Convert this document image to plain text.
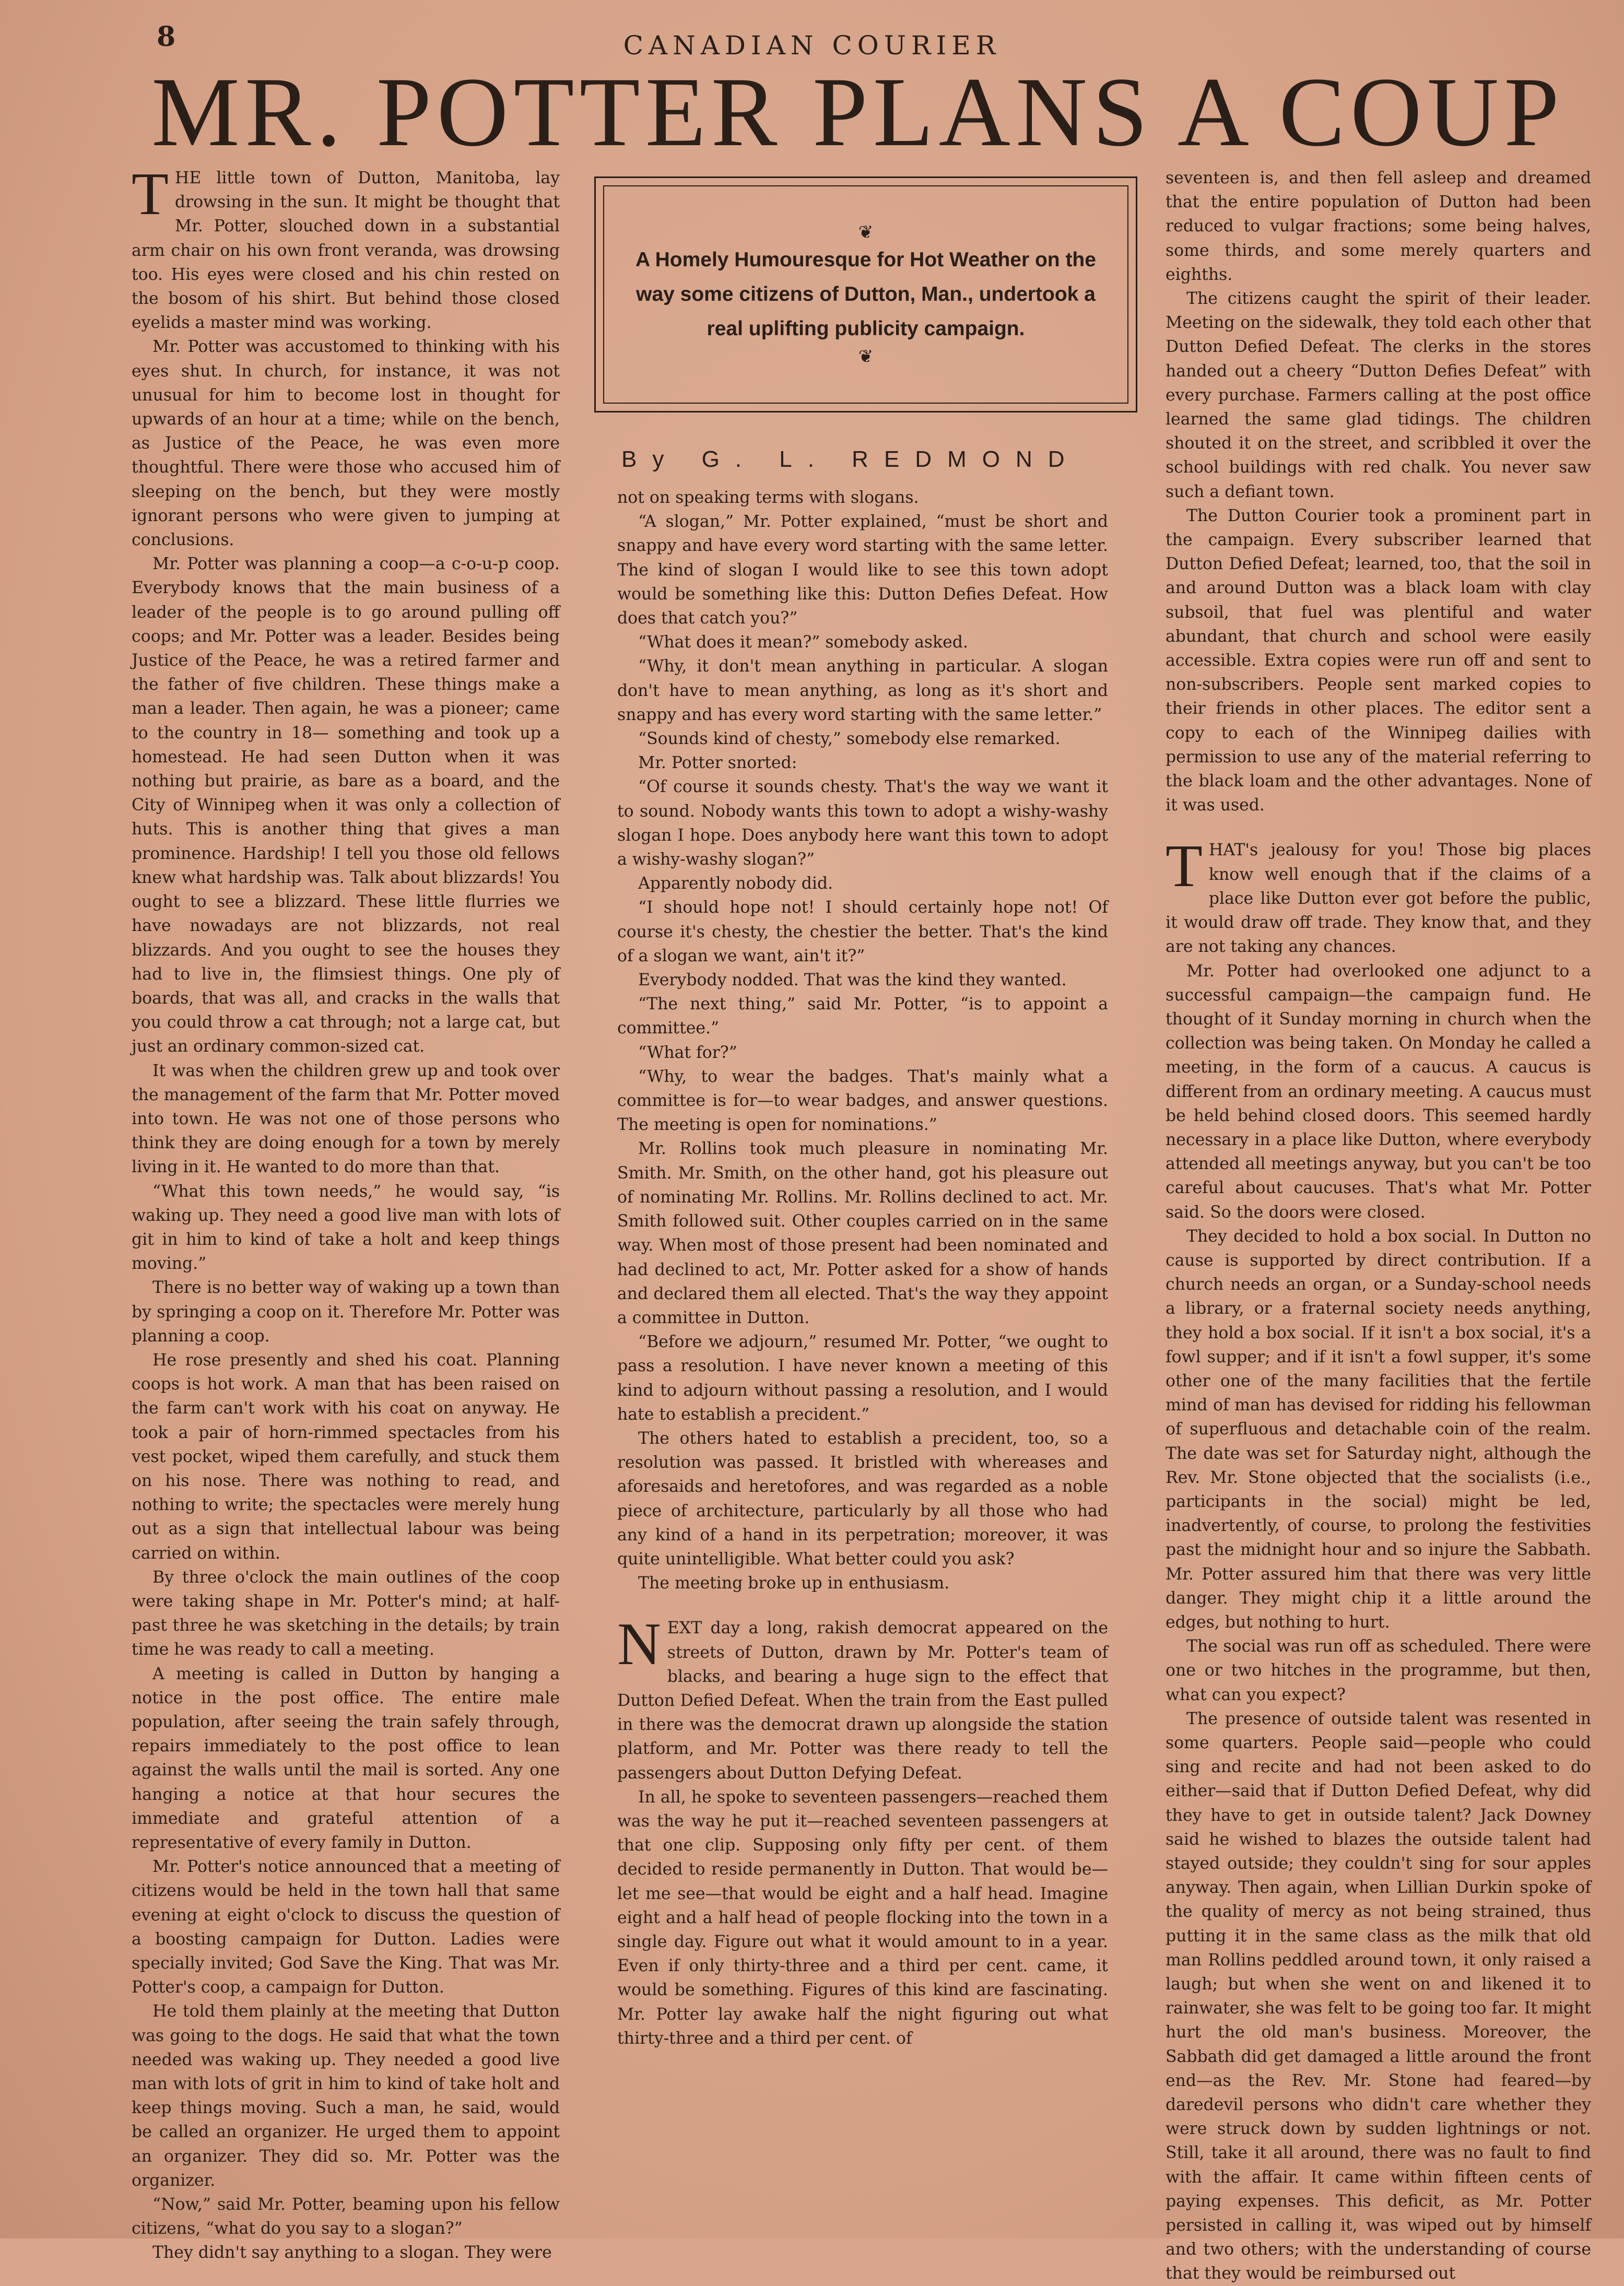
8	CANADIAN COURIER
MR. POTTER PLANS A COUP

THE little town of Dutton, Manitoba, lay drowsing in the sun. It might be thought that Mr. Potter, slouched down in a substantial arm chair on his own front veranda, was drowsing too. His eyes were closed and his chin rested on the bosom of his shirt. But behind those closed eyelids a master mind was working.

Mr. Potter was accustomed to thinking with his eyes shut. In church, for instance, it was not unusual for him to become lost in thought for upwards of an hour at a time; while on the bench, as Justice of the Peace, he was even more thoughtful. There were those who accused him of sleeping on the bench, but they were mostly ignorant persons who were given to jumping at conclusions.

Mr. Potter was planning a coop—a c-o-u-p coop. Everybody knows that the main business of a leader of the people is to go around pulling off coops; and Mr. Potter was a leader. Besides being Justice of the Peace, he was a retired farmer and the father of five children. These things make a man a leader. Then again, he was a pioneer; came to the country in 18— something and took up a homestead. He had seen Dutton when it was nothing but prairie, as bare as a board, and the City of Winnipeg when it was only a collection of huts. This is another thing that gives a man prominence. Hardship! I tell you those old fellows knew what hardship was. Talk about blizzards! You ought to see a blizzard. These little flurries we have nowadays are not blizzards, not real blizzards. And you ought to see the houses they had to live in, the flimsiest things. One ply of boards, that was all, and cracks in the walls that you could throw a cat through; not a large cat, but just an ordinary common-sized cat.

It was when the children grew up and took over the management of the farm that Mr. Potter moved into town. He was not one of those persons who think they are doing enough for a town by merely living in it. He wanted to do more than that.

“What this town needs,” he would say, “is waking up. They need a good live man with lots of git in him to kind of take a holt and keep things moving.”

There is no better way of waking up a town than by springing a coop on it. Therefore Mr. Potter was planning a coop.

He rose presently and shed his coat. Planning coops is hot work. A man that has been raised on the farm can't work with his coat on anyway. He took a pair of horn-rimmed spectacles from his vest pocket, wiped them carefully, and stuck them on his nose. There was nothing to read, and nothing to write; the spectacles were merely hung out as a sign that intellectual labour was being carried on within.

By three o'clock the main outlines of the coop were taking shape in Mr. Potter's mind; at half-past three he was sketching in the details; by train time he was ready to call a meeting.

A meeting is called in Dutton by hanging a notice in the post office. The entire male population, after seeing the train safely through, repairs immediately to the post office to lean against the walls until the mail is sorted. Any one hanging a notice at that hour secures the immediate and grateful attention of a representative of every family in Dutton.

Mr. Potter's notice announced that a meeting of citizens would be held in the town hall that same evening at eight o'clock to discuss the question of a boosting campaign for Dutton. Ladies were specially invited; God Save the King. That was Mr. Potter's coop, a campaign for Dutton.

He told them plainly at the meeting that Dutton was going to the dogs. He said that what the town needed was waking up. They needed a good live man with lots of grit in him to kind of take holt and keep things moving. Such a man, he said, would be called an organizer. He urged them to appoint an organizer. They did so. Mr. Potter was the organizer.

“Now,” said Mr. Potter, beaming upon his fellow citizens, “what do you say to a slogan?”

They didn't say anything to a slogan. They were

❦
A Homely Humouresque for Hot Weather on the way some citizens of Dutton, Man., undertook a real uplifting publicity campaign.
❦
By G. L. REDMOND

not on speaking terms with slogans.

“A slogan,” Mr. Potter explained, “must be short and snappy and have every word starting with the same letter. The kind of slogan I would like to see this town adopt would be something like this: Dutton Defies Defeat. How does that catch you?”

“What does it mean?” somebody asked.

“Why, it don't mean anything in particular. A slogan don't have to mean anything, as long as it's short and snappy and has every word starting with the same letter.”

“Sounds kind of chesty,” somebody else remarked.

Mr. Potter snorted:

“Of course it sounds chesty. That's the way we want it to sound. Nobody wants this town to adopt a wishy-washy slogan I hope. Does anybody here want this town to adopt a wishy-washy slogan?”

Apparently nobody did.

“I should hope not! I should certainly hope not! Of course it's chesty, the chestier the better. That's the kind of a slogan we want, ain't it?”

Everybody nodded. That was the kind they wanted.

“The next thing,” said Mr. Potter, “is to appoint a committee.”

“What for?”

“Why, to wear the badges. That's mainly what a committee is for—to wear badges, and answer questions. The meeting is open for nominations.”

Mr. Rollins took much pleasure in nominating Mr. Smith. Mr. Smith, on the other hand, got his pleasure out of nominating Mr. Rollins. Mr. Rollins declined to act. Mr. Smith followed suit. Other couples carried on in the same way. When most of those present had been nominated and had declined to act, Mr. Potter asked for a show of hands and declared them all elected. That's the way they appoint a committee in Dutton.

“Before we adjourn,” resumed Mr. Potter, “we ought to pass a resolution. I have never known a meeting of this kind to adjourn without passing a resolution, and I would hate to establish a precident.”

The others hated to establish a precident, too, so a resolution was passed. It bristled with whereases and aforesaids and heretofores, and was regarded as a noble piece of architecture, particularly by all those who had any kind of a hand in its perpetration; moreover, it was quite unintelligible. What better could you ask?

The meeting broke up in enthusiasm.

NEXT day a long, rakish democrat appeared on the streets of Dutton, drawn by Mr. Potter's team of blacks, and bearing a huge sign to the effect that Dutton Defied Defeat. When the train from the East pulled in there was the democrat drawn up alongside the station platform, and Mr. Potter was there ready to tell the passengers about Dutton Defying Defeat.

In all, he spoke to seventeen passengers—reached them was the way he put it—reached seventeen passengers at that one clip. Supposing only fifty per cent. of them decided to reside permanently in Dutton. That would be—let me see—that would be eight and a half head. Imagine eight and a half head of people flocking into the town in a single day. Figure out what it would amount to in a year. Even if only thirty-three and a third per cent. came, it would be something. Figures of this kind are fascinating. Mr. Potter lay awake half the night figuring out what thirty-three and a third per cent. of

seventeen is, and then fell asleep and dreamed that the entire population of Dutton had been reduced to vulgar fractions; some being halves, some thirds, and some merely quarters and eighths.

The citizens caught the spirit of their leader. Meeting on the sidewalk, they told each other that Dutton Defied Defeat. The clerks in the stores handed out a cheery “Dutton Defies Defeat” with every purchase. Farmers calling at the post office learned the same glad tidings. The children shouted it on the street, and scribbled it over the school buildings with red chalk. You never saw such a defiant town.

The Dutton Courier took a prominent part in the campaign. Every subscriber learned that Dutton Defied Defeat; learned, too, that the soil in and around Dutton was a black loam with clay subsoil, that fuel was plentiful and water abundant, that church and school were easily accessible. Extra copies were run off and sent to non-subscribers. People sent marked copies to their friends in other places. The editor sent a copy to each of the Winnipeg dailies with permission to use any of the material referring to the black loam and the other advantages. None of it was used.

THAT's jealousy for you! Those big places know well enough that if the claims of a place like Dutton ever got before the public, it would draw off trade. They know that, and they are not taking any chances.

Mr. Potter had overlooked one adjunct to a successful campaign—the campaign fund. He thought of it Sunday morning in church when the collection was being taken. On Monday he called a meeting, in the form of a caucus. A caucus is different from an ordinary meeting. A caucus must be held behind closed doors. This seemed hardly necessary in a place like Dutton, where everybody attended all meetings anyway, but you can't be too careful about caucuses. That's what Mr. Potter said. So the doors were closed.

They decided to hold a box social. In Dutton no cause is supported by direct contribution. If a church needs an organ, or a Sunday-school needs a library, or a fraternal society needs anything, they hold a box social. If it isn't a box social, it's a fowl supper; and if it isn't a fowl supper, it's some other one of the many facilities that the fertile mind of man has devised for ridding his fellowman of superfluous and detachable coin of the realm. The date was set for Saturday night, although the Rev. Mr. Stone objected that the socialists (i.e., participants in the social) might be led, inadvertently, of course, to prolong the festivities past the midnight hour and so injure the Sabbath. Mr. Potter assured him that there was very little danger. They might chip it a little around the edges, but nothing to hurt.

The social was run off as scheduled. There were one or two hitches in the programme, but then, what can you expect?

The presence of outside talent was resented in some quarters. People said—people who could sing and recite and had not been asked to do either—said that if Dutton Defied Defeat, why did they have to get in outside talent? Jack Downey said he wished to blazes the outside talent had stayed outside; they couldn't sing for sour apples anyway. Then again, when Lillian Durkin spoke of the quality of mercy as not being strained, thus putting it in the same class as the milk that old man Rollins peddled around town, it only raised a laugh; but when she went on and likened it to rainwater, she was felt to be going too far. It might hurt the old man's business. Moreover, the Sabbath did get damaged a little around the front end—as the Rev. Mr. Stone had feared—by daredevil persons who didn't care whether they were struck down by sudden lightnings or not. Still, take it all around, there was no fault to find with the affair. It came within fifteen cents of paying expenses. This deficit, as Mr. Potter persisted in calling it, was wiped out by himself and two others; with the understanding of course that they would be reimbursed out
